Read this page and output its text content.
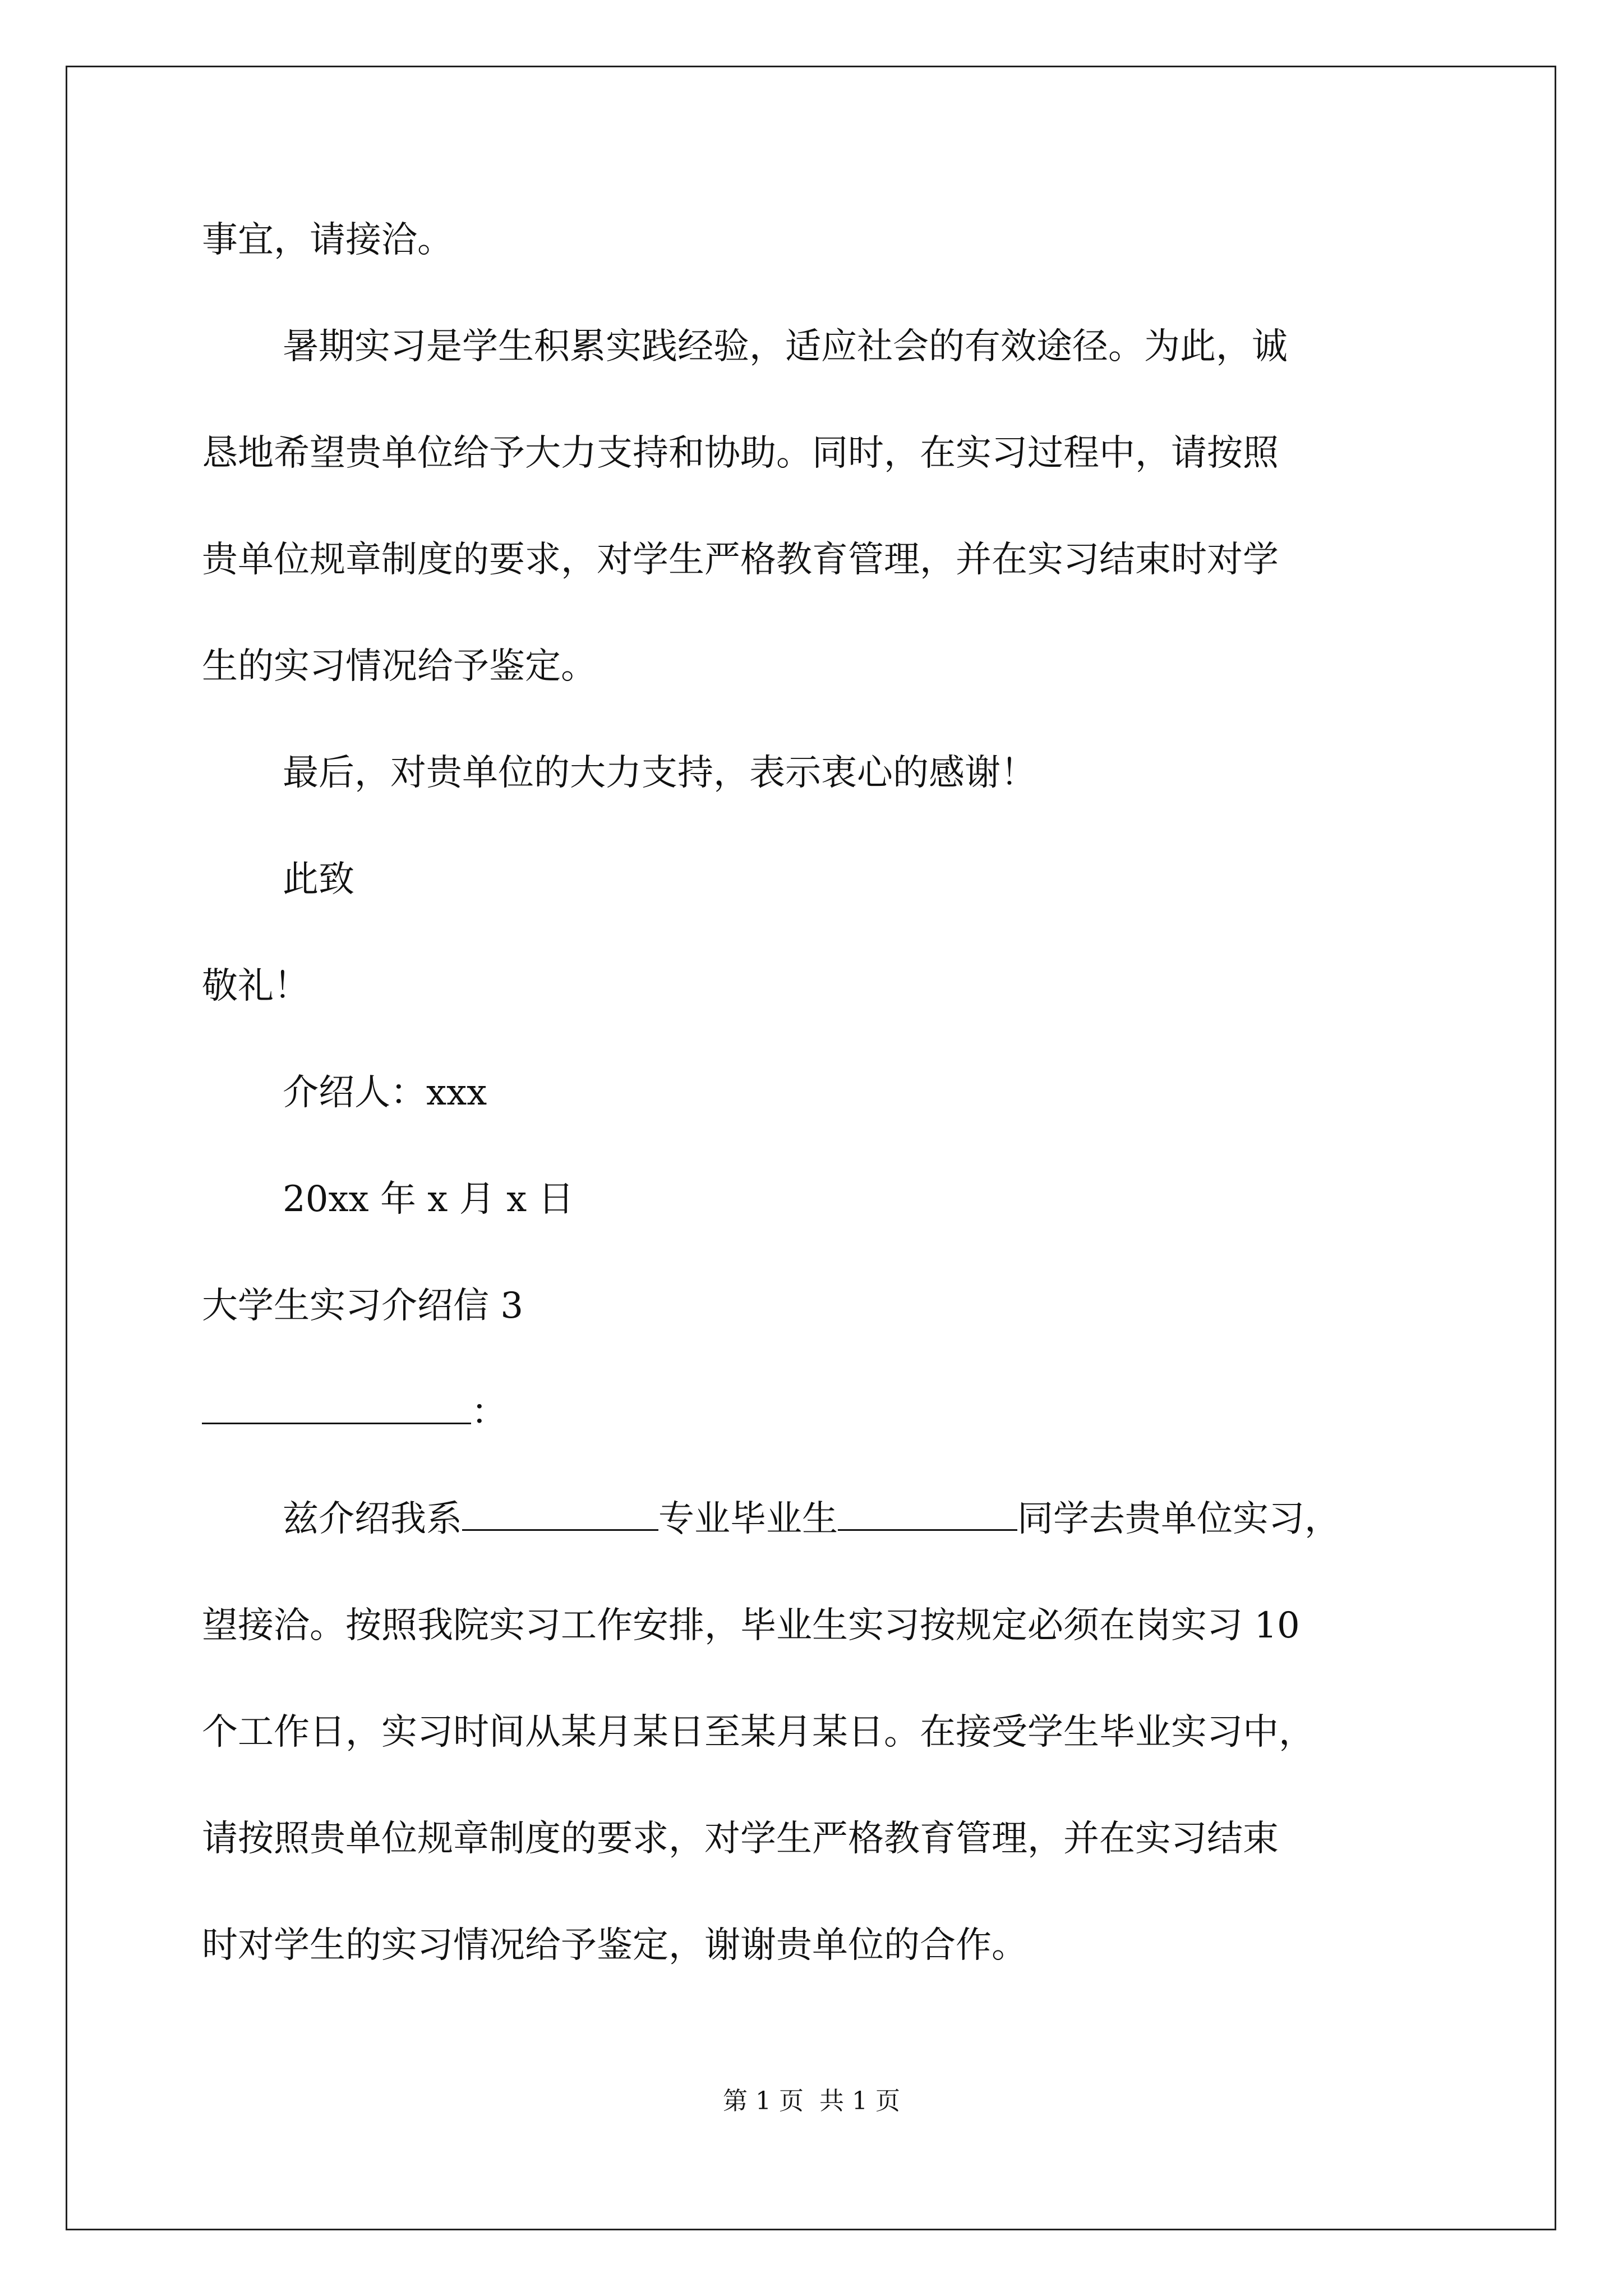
事宜，请接洽。
暑期实习是学生积累实践经验，适应社会的有效途径。为此，诚
恳地希望贵单位给予大力支持和协助。同时，在实习过程中，请按照
贵单位规章制度的要求，对学生严格教育管理，并在实习结束时对学
生的实习情况给予鉴定。
最后，对贵单位的大力支持，表示衷心的感谢！
此致
敬礼！
介绍人：xxx
20xx 年 x 月 x 日
大学生实习介绍信 3
：
兹介绍我系	专业毕业生	同学去贵单位实习，
望接洽。按照我院实习工作安排，毕业生实习按规定必须在岗实习 10
个工作日，实习时间从某月某日至某月某日。在接受学生毕业实习中，
请按照贵单位规章制度的要求，对学生严格教育管理，并在实习结束
时对学生的实习情况给予鉴定，谢谢贵单位的合作。
第 1 页 共 1 页
